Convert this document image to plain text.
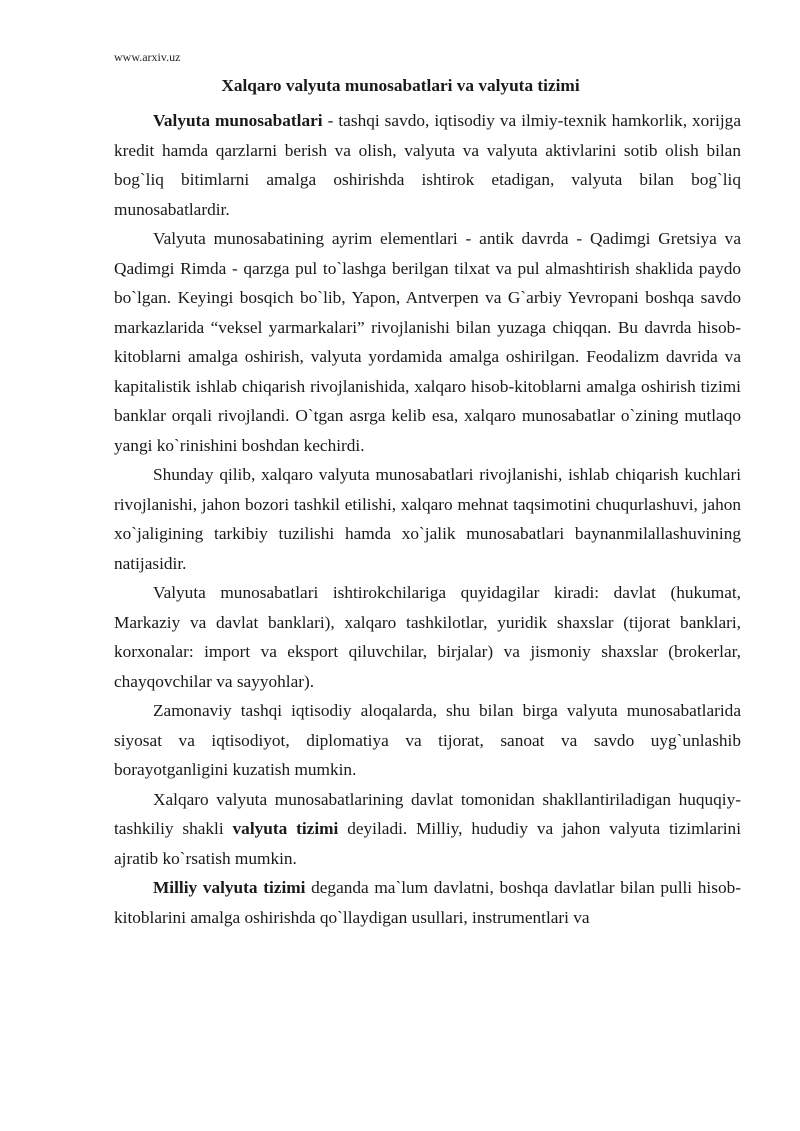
www.arxiv.uz
Xalqaro valyuta munosabatlari va valyuta tizimi

Valyuta munosabatlari - tashqi savdo, iqtisodiy va ilmiy-texnik hamkorlik, xorijga kredit hamda qarzlarni berish va olish, valyuta va valyuta aktivlarini sotib olish bilan bog`liq bitimlarni amalga oshirishda ishtirok etadigan, valyuta bilan bog`liq munosabatlardir.

Valyuta munosabatining ayrim elementlari - antik davrda - Qadimgi Gretsiya va Qadimgi Rimda - qarzga pul to`lashga berilgan tilxat va pul almashtirish shaklida paydo bo`lgan. Keyingi bosqich bo`lib, Yapon, Antverpen va G`arbiy Yevropani boshqa savdo markazlarida “veksel yarmarkalari” rivojlanishi bilan yuzaga chiqqan. Bu davrda hisob-kitoblarni amalga oshirish, valyuta yordamida amalga oshirilgan. Feodalizm davrida va kapitalistik ishlab chiqarish rivojlanishida, xalqaro hisob-kitoblarni amalga oshirish tizimi banklar orqali rivojlandi. O`tgan asrga kelib esa, xalqaro munosabatlar o`zining mutlaqo yangi ko`rinishini boshdan kechirdi.

Shunday qilib, xalqaro valyuta munosabatlari rivojlanishi, ishlab chiqarish kuchlari rivojlanishi, jahon bozori tashkil etilishi, xalqaro mehnat taqsimotini chuqurlashuvi, jahon xo`jaligining tarkibiy tuzilishi hamda xo`jalik munosabatlari baynanmilallashuvining natijasidir.

Valyuta munosabatlari ishtirokchilariga quyidagilar kiradi: davlat (hukumat, Markaziy va davlat banklari), xalqaro tashkilotlar, yuridik shaxslar (tijorat banklari, korxonalar: import va eksport qiluvchilar, birjalar) va jismoniy shaxslar (brokerlar, chayqovchilar va sayyohlar).

Zamonaviy tashqi iqtisodiy aloqalarda, shu bilan birga valyuta munosabatlarida siyosat va iqtisodiyot, diplomatiya va tijorat, sanoat va savdo uyg`unlashib borayotganligini kuzatish mumkin.

Xalqaro valyuta munosabatlarining davlat tomonidan shakllantiriladigan huquqiy-tashkiliy shakli valyuta tizimi deyiladi. Milliy, hududiy va jahon valyuta tizimlarini ajratib ko`rsatish mumkin.

Milliy valyuta tizimi deganda ma`lum davlatni, boshqa davlatlar bilan pulli hisob-kitoblarini amalga oshirishda qo`llaydigan usullari, instrumentlari va
